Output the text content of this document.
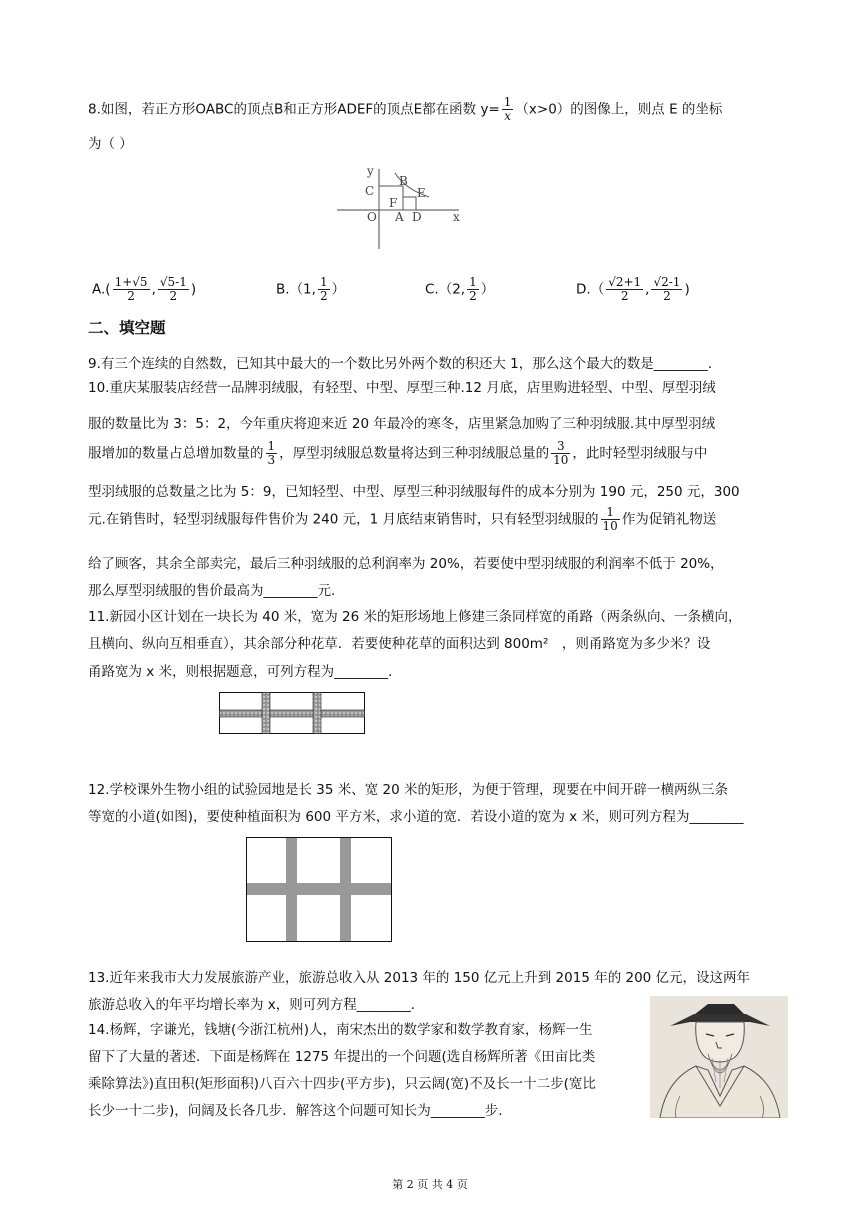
8.如图，若正方形OABC的顶点B和正方形ADEF的顶点E都在函数 $y= \frac{1}{x} (x>0)$的图像上，则点 E 的坐标
为（ ）
y
x
C
B
E
F
O A D
$A.( \frac{1+√5}{2}$ , $\frac{√5-1}{2}$ )	B.（1, $\frac{1}{2}$ ）	C.（2, $\frac{1}{2}$ ）	$D.( \frac{√2+1}{2}$ , $\frac{√2-1}{2}$ )
二、填空题
9.有三个连续的自然数，已知其中最大的一个数比另外两个数的积还大 1，那么这个最大的数是________.
10.重庆某服装店经营一品牌羽绒服，有轻型、中型、厚型三种.12 月底，店里购进轻型、中型、厚型羽绒
服的数量比为 3：5：2，今年重庆将迎来近 20 年最冷的寒冬，店里紧急加购了三种羽绒服.其中厚型羽绒
服增加的数量占总增加数量的 $\frac{1}{3}$ ，厚型羽绒服总数量将达到三种羽绒服总量的 $\frac{3}{10}$ ，此时轻型羽绒服与中
型羽绒服的总数量之比为 5：9，已知轻型、中型、厚型三种羽绒服每件的成本分别为 190 元，250 元，300
元.在销售时，轻型羽绒服每件售价为 240 元，1 月底结束销售时，只有轻型羽绒服的 $\frac{1}{10}$ 作为促销礼物送
给了顾客，其余全部卖完，最后三种羽绒服的总利润率为 20%，若要使中型羽绒服的利润率不低于 20%，
那么厚型羽绒服的售价最高为________元.
11.新园小区计划在一块长为 40 米，宽为 26 米的矩形场地上修建三条同样宽的甬路（两条纵向、一条横向，
且横向、纵向互相垂直），其余部分种花草．若要使种花草的面积达到 800m²　，则甬路宽为多少米？设
甬路宽为 x 米，则根据题意，可列方程为________.
12.学校课外生物小组的试验园地是长 35 米、宽 20 米的矩形，为便于管理，现要在中间开辟一横两纵三条
等宽的小道(如图)，要使种植面积为 600 平方米，求小道的宽．若设小道的宽为 x 米，则可列方程为________
13.近年来我市大力发展旅游产业，旅游总收入从 2013 年的 150 亿元上升到 2015 年的 200 亿元，设这两年
旅游总收入的年平均增长率为 x，则可列方程________.
14.杨辉，字谦光，钱塘(今浙江杭州)人，南宋杰出的数学家和数学教育家，杨辉一生
留下了大量的著述．下面是杨辉在 1275 年提出的一个问题(选自杨辉所著《田亩比类
乘除算法》)直田积(矩形面积)八百六十四步(平方步)，只云阔(宽)不及长一十二步(宽比
长少一十二步)，问阔及长各几步．解答这个问题可知长为________步.
第 2 页 共 4 页
